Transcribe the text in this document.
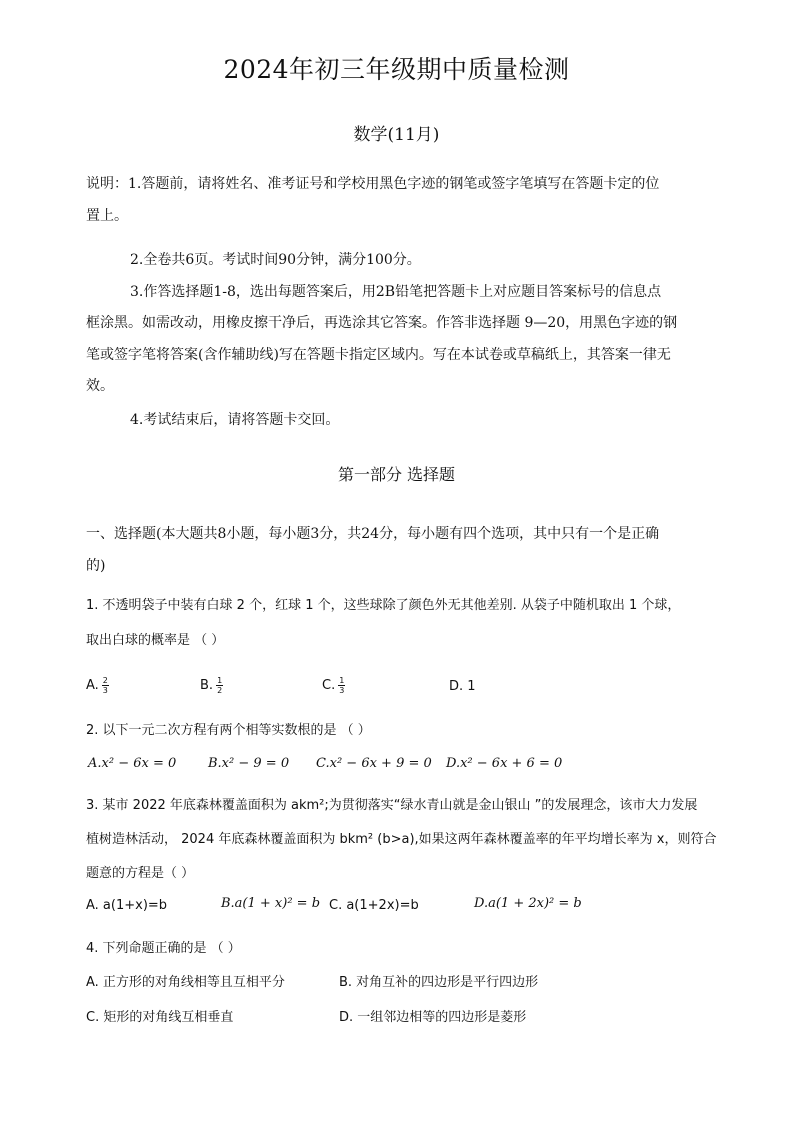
2024年初三年级期中质量检测
数学(11月)
说明：1.答题前，请将姓名、准考证号和学校用黑色字迹的钢笔或签字笔填写在答题卡定的位
置上。
2.全卷共6页。考试时间90分钟，满分100分。
3.作答选择题1-8，选出每题答案后，用2B铅笔把答题卡上对应题目答案标号的信息点
框涂黑。如需改动，用橡皮擦干净后，再选涂其它答案。作答非选择题 9—20，用黑色字迹的钢
笔或签字笔将答案(含作辅助线)写在答题卡指定区域内。写在本试卷或草稿纸上，其答案一律无
效。
4.考试结束后，请将答题卡交回。
第一部分 选择题
一、选择题(本大题共8小题，每小题3分，共24分，每小题有四个选项，其中只有一个是正确
的)
1. 不透明袋子中装有白球 2 个，红球 1 个，这些球除了颜色外无其他差别. 从袋子中随机取出 1 个球，
取出白球的概率是 （ ）
A. $\frac{2}{3}$	B. $\frac{1}{2}$	C. $\frac{1}{3}$	D. 1
2. 以下一元二次方程有两个相等实数根的是 （ ）
A.x² − 6x = 0 B.x² − 9 = 0 C.x² − 6x + 9 = 0 D.x² − 6x + 6 = 0
3. 某市 2022 年底森林覆盖面积为 akm²;为贯彻落实“绿水青山就是金山银山 ”的发展理念，该市大力发展
植树造林活动， 2024 年底森林覆盖面积为 bkm² (b>a),如果这两年森林覆盖率的年平均增长率为 x，则符合
题意的方程是（ ）
A. a(1+x)=b	B.a(1 + x)² = b C. a(1+2x)=b	D.a(1 + 2x)² = b
4. 下列命题正确的是 （ ）
A. 正方形的对角线相等且互相平分	B. 对角互补的四边形是平行四边形
C. 矩形的对角线互相垂直	D. 一组邻边相等的四边形是菱形
